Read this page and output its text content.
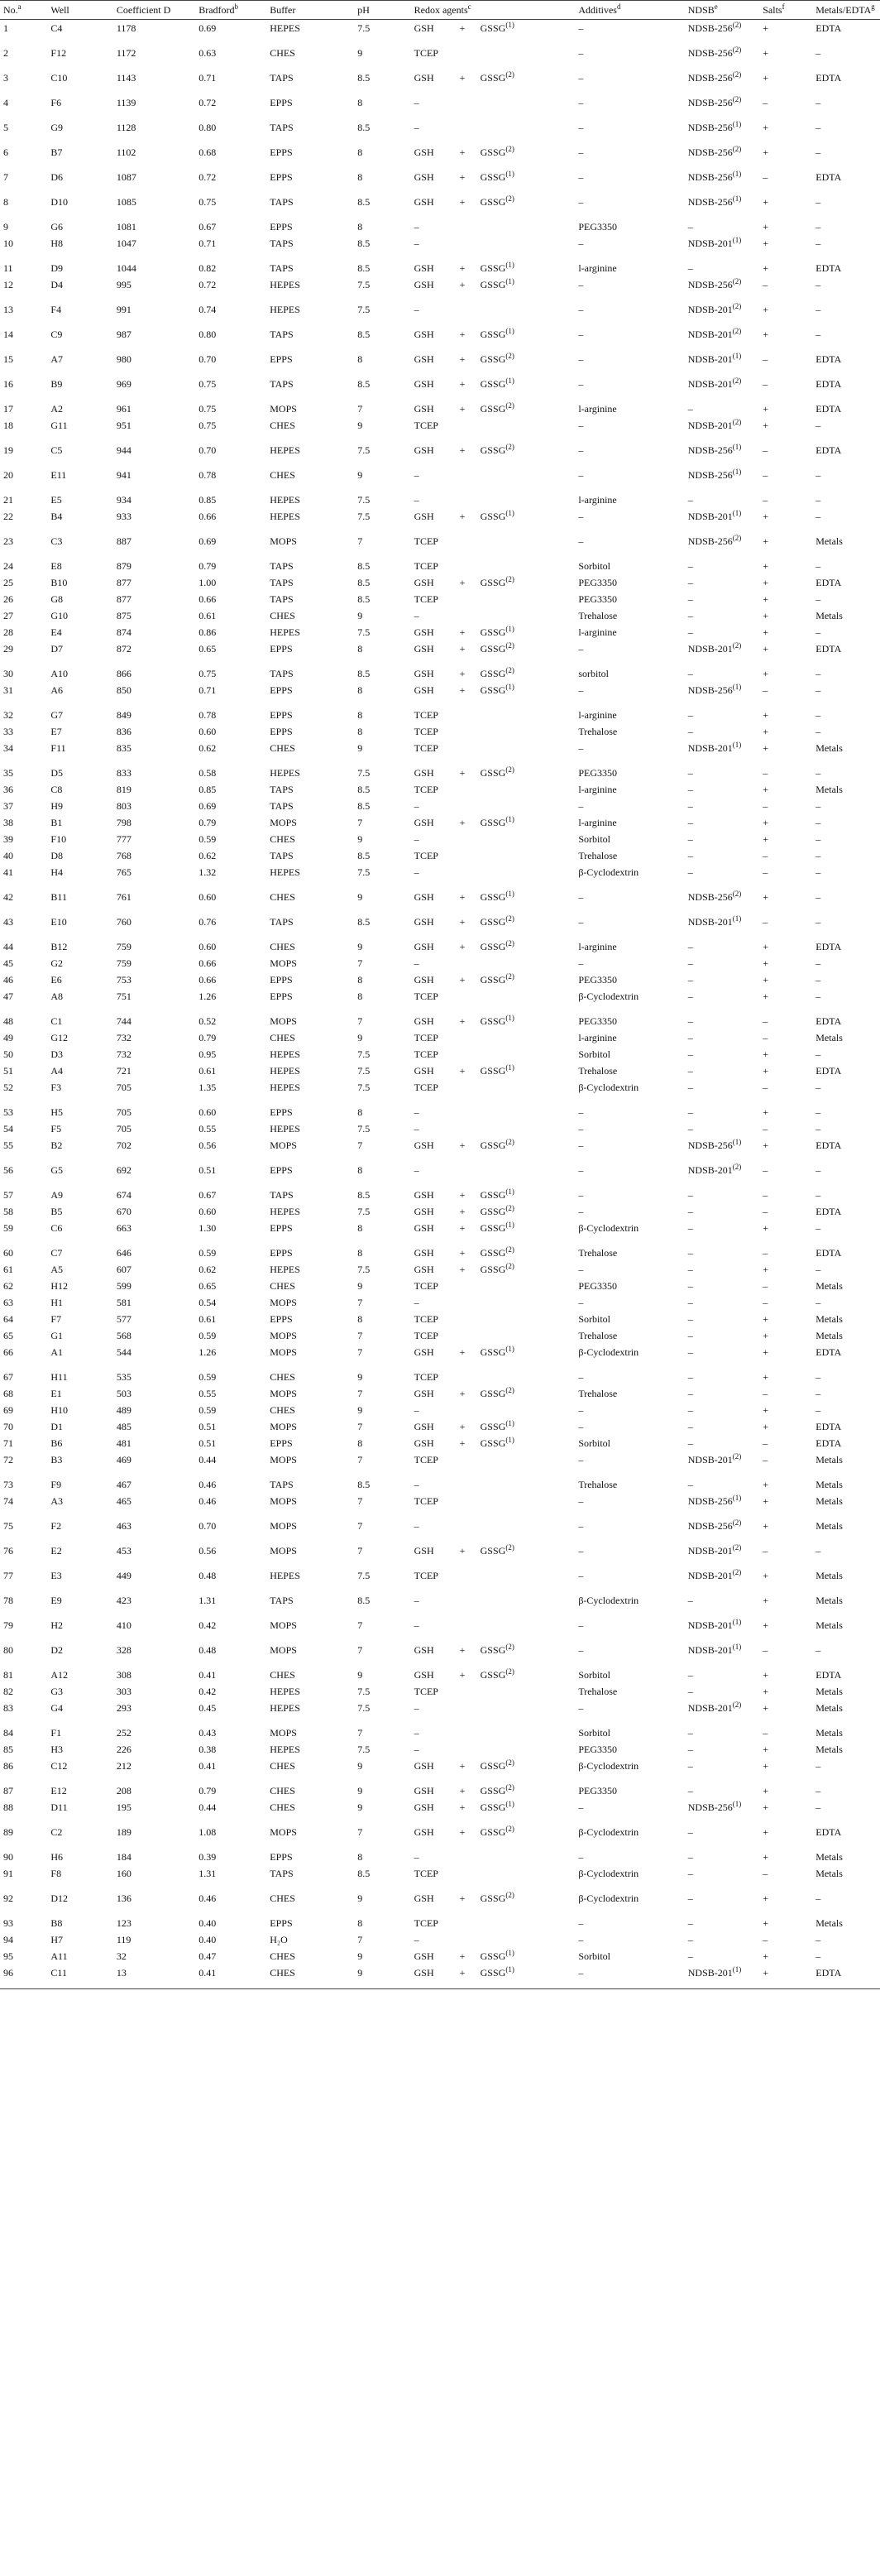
No.$^a$	Well	Coefficient D	Bradford$^b$	Buffer	pH	Redox agents$^c$	Additives$^d$	NDSB$^e$	Salts$^f$	Metals/EDTA$^g$
1	C4	1178	0.69	HEPES	7.5	GSH + $GSSG^{(1)}$	–	NDSB-$256^{(2)}$	+	EDTA
2	F12	1172	0.63	CHES	9	TCEP	–	NDSB-$256^{(2)}$	+	–
3	C10	1143	0.71	TAPS	8.5	GSH + $GSSG^{(2)}$	–	NDSB-$256^{(2)}$	+	EDTA
4	F6	1139	0.72	EPPS	8	–	–	NDSB-256$^{(2)}$	–	–
5	G9	1128	0.80	TAPS	8.5	–	–	NDSB-$256^{(1)}$	+	–
6	B7	1102	0.68	EPPS	8	GSH + $GSSG^{(2)}$	–	NDSB-$256^{(2)}$	+	–
7	D6	1087	0.72	EPPS	8	GSH + $GSSG^{(1)}$	–	NDSB-256$^{(1)}$	–	EDTA
8	D10	1085	0.75	TAPS	8.5	GSH + $GSSG^{(2)}$	–	NDSB-$256^{(1)}$	+	–
9	G6	1081	0.67	EPPS	8	–	PEG3350	–	+	–
10	H8	1047	0.71	TAPS	8.5	–	–	NDSB-$201^{(1)}$	+	–
11	D9	1044	0.82	TAPS	8.5	GSH + $GSSG^{(1)}$	l-arginine	–	+	EDTA
12	D4	995	0.72	HEPES	7.5	GSH + $GSSG^{(1)}$	–	NDSB-256$^{(2)}$	–	–
13	F4	991	0.74	HEPES	7.5	–	–	NDSB-$201^{(2)}$	+	–
14	C9	987	0.80	TAPS	8.5	GSH + $GSSG^{(1)}$	–	NDSB-$201^{(2)}$	+	–
15	A7	980	0.70	EPPS	8	GSH + $GSSG^{(2)}$	–	NDSB-201$^{(1)}$	–	EDTA
16	B9	969	0.75	TAPS	8.5	GSH + $GSSG^{(1)}$	–	NDSB-201$^{(2)}$	–	EDTA
17	A2	961	0.75	MOPS	7	GSH + $GSSG^{(2)}$	l-arginine	–	+	EDTA
18	G11	951	0.75	CHES	9	TCEP	–	NDSB-$201^{(2)}$	+	–
19	C5	944	0.70	HEPES	7.5	GSH + $GSSG^{(2)}$	–	NDSB-256$^{(1)}$	–	EDTA
20	E11	941	0.78	CHES	9	–	–	NDSB-256$^{(1)}$	–	–
21	E5	934	0.85	HEPES	7.5	–	l-arginine	–	–	–
22	B4	933	0.66	HEPES	7.5	GSH + $GSSG^{(1)}$	–	NDSB-$201^{(1)}$	+	–
23	C3	887	0.69	MOPS	7	TCEP	–	NDSB-$256^{(2)}$	+	Metals
24	E8	879	0.79	TAPS	8.5	TCEP	Sorbitol	–	+	–
25	B10	877	1.00	TAPS	8.5	GSH + $GSSG^{(2)}$	PEG3350	–	+	EDTA
26	G8	877	0.66	TAPS	8.5	TCEP	PEG3350	–	+	–
27	G10	875	0.61	CHES	9	–	Trehalose	–	+	Metals
28	E4	874	0.86	HEPES	7.5	GSH + $GSSG^{(1)}$	l-arginine	–	+	–
29	D7	872	0.65	EPPS	8	GSH + $GSSG^{(2)}$	–	NDSB-$201^{(2)}$	+	EDTA
30	A10	866	0.75	TAPS	8.5	GSH + $GSSG^{(2)}$	sorbitol	–	+	–
31	A6	850	0.71	EPPS	8	GSH + $GSSG^{(1)}$	–	NDSB-256$^{(1)}$	–	–
32	G7	849	0.78	EPPS	8	TCEP	l-arginine	–	+	–
33	E7	836	0.60	EPPS	8	TCEP	Trehalose	–	+	–
34	F11	835	0.62	CHES	9	TCEP	–	NDSB-$201^{(1)}$	+	Metals
35	D5	833	0.58	HEPES	7.5	GSH + $GSSG^{(2)}$	PEG3350	–	–	–
36	C8	819	0.85	TAPS	8.5	TCEP	l-arginine	–	+	Metals
37	H9	803	0.69	TAPS	8.5	–	–	–	–	–
38	B1	798	0.79	MOPS	7	GSH + $GSSG^{(1)}$	l-arginine	–	+	–
39	F10	777	0.59	CHES	9	–	Sorbitol	–	+	–
40	D8	768	0.62	TAPS	8.5	TCEP	Trehalose	–	–	–
41	H4	765	1.32	HEPES	7.5	–	β-Cyclodextrin	–	–	–
42	B11	761	0.60	CHES	9	GSH + $GSSG^{(1)}$	–	NDSB-$256^{(2)}$	+	–
43	E10	760	0.76	TAPS	8.5	GSH + $GSSG^{(2)}$	–	NDSB-201$^{(1)}$	–	–
44	B12	759	0.60	CHES	9	GSH + $GSSG^{(2)}$	l-arginine	–	+	EDTA
45	G2	759	0.66	MOPS	7	–	–	–	+	–
46	E6	753	0.66	EPPS	8	GSH + $GSSG^{(2)}$	PEG3350	–	+	–
47	A8	751	1.26	EPPS	8	TCEP	β-Cyclodextrin	–	+	–
48	C1	744	0.52	MOPS	7	GSH + $GSSG^{(1)}$	PEG3350	–	–	EDTA
49	G12	732	0.79	CHES	9	TCEP	l-arginine	–	–	Metals
50	D3	732	0.95	HEPES	7.5	TCEP	Sorbitol	–	+	–
51	A4	721	0.61	HEPES	7.5	GSH + $GSSG^{(1)}$	Trehalose	–	+	EDTA
52	F3	705	1.35	HEPES	7.5	TCEP	β-Cyclodextrin	–	–	–
53	H5	705	0.60	EPPS	8	–	–	–	+	–
54	F5	705	0.55	HEPES	7.5	–	–	–	–	–
55	B2	702	0.56	MOPS	7	GSH + $GSSG^{(2)}$	–	NDSB-$256^{(1)}$	+	EDTA
56	G5	692	0.51	EPPS	8	–	–	NDSB-201$^{(2)}$	–	–
57	A9	674	0.67	TAPS	8.5	GSH + $GSSG^{(1)}$	–	–	–	–
58	B5	670	0.60	HEPES	7.5	GSH + $GSSG^{(2)}$	–	–	–	EDTA
59	C6	663	1.30	EPPS	8	GSH + $GSSG^{(1)}$	β-Cyclodextrin	–	+	–
60	C7	646	0.59	EPPS	8	GSH + $GSSG^{(2)}$	Trehalose	–	–	EDTA
61	A5	607	0.62	HEPES	7.5	GSH + $GSSG^{(2)}$	–	–	+	–
62	H12	599	0.65	CHES	9	TCEP	PEG3350	–	–	Metals
63	H1	581	0.54	MOPS	7	–	–	–	–	–
64	F7	577	0.61	EPPS	8	TCEP	Sorbitol	–	+	Metals
65	G1	568	0.59	MOPS	7	TCEP	Trehalose	–	+	Metals
66	A1	544	1.26	MOPS	7	GSH + $GSSG^{(1)}$	β-Cyclodextrin	–	+	EDTA
67	H11	535	0.59	CHES	9	TCEP	–	–	+	–
68	E1	503	0.55	MOPS	7	GSH + $GSSG^{(2)}$	Trehalose	–	–	–
69	H10	489	0.59	CHES	9	–	–	–	+	–
70	D1	485	0.51	MOPS	7	GSH + $GSSG^{(1)}$	–	–	+	EDTA
71	B6	481	0.51	EPPS	8	GSH + $GSSG^{(1)}$	Sorbitol	–	–	EDTA
72	B3	469	0.44	MOPS	7	TCEP	–	NDSB-201$^{(2)}$	–	Metals
73	F9	467	0.46	TAPS	8.5	–	Trehalose	–	+	Metals
74	A3	465	0.46	MOPS	7	TCEP	–	NDSB-$256^{(1)}$	+	Metals
75	F2	463	0.70	MOPS	7	–	–	NDSB-$256^{(2)}$	+	Metals
76	E2	453	0.56	MOPS	7	GSH + $GSSG^{(2)}$	–	NDSB-201$^{(2)}$	–	–
77	E3	449	0.48	HEPES	7.5	TCEP	–	NDSB-$201^{(2)}$	+	Metals
78	E9	423	1.31	TAPS	8.5	–	β-Cyclodextrin	–	+	Metals
79	H2	410	0.42	MOPS	7	–	–	NDSB-$201^{(1)}$	+	Metals
80	D2	328	0.48	MOPS	7	GSH + $GSSG^{(2)}$	–	NDSB-201$^{(1)}$	–	–
81	A12	308	0.41	CHES	9	GSH + $GSSG^{(2)}$	Sorbitol	–	+	EDTA
82	G3	303	0.42	HEPES	7.5	TCEP	Trehalose	–	+	Metals
83	G4	293	0.45	HEPES	7.5	–	–	NDSB-$201^{(2)}$	+	Metals
84	F1	252	0.43	MOPS	7	–	Sorbitol	–	–	Metals
85	H3	226	0.38	HEPES	7.5	–	PEG3350	–	+	Metals
86	C12	212	0.41	CHES	9	GSH + $GSSG^{(2)}$	β-Cyclodextrin	–	+	–
87	E12	208	0.79	CHES	9	GSH + $GSSG^{(2)}$	PEG3350	–	+	–
88	D11	195	0.44	CHES	9	GSH + $GSSG^{(1)}$	–	NDSB-$256^{(1)}$	+	–
89	C2	189	1.08	MOPS	7	GSH + $GSSG^{(2)}$	β-Cyclodextrin	–	+	EDTA
90	H6	184	0.39	EPPS	8	–	–	–	+	Metals
91	F8	160	1.31	TAPS	8.5	TCEP	β-Cyclodextrin	–	–	Metals
92	D12	136	0.46	CHES	9	GSH + $GSSG^{(2)}$	β-Cyclodextrin	–	+	–
93	B8	123	0.40	EPPS	8	TCEP	–	–	+	Metals
94	H7	119	0.40	H₂O	7	–	–	–	–	–
95	A11	32	0.47	CHES	9	GSH + $GSSG^{(1)}$	Sorbitol	–	+	–
96	C11	13	0.41	CHES	9	GSH + $GSSG^{(1)}$	–	NDSB-$201^{(1)}$	+	EDTA
